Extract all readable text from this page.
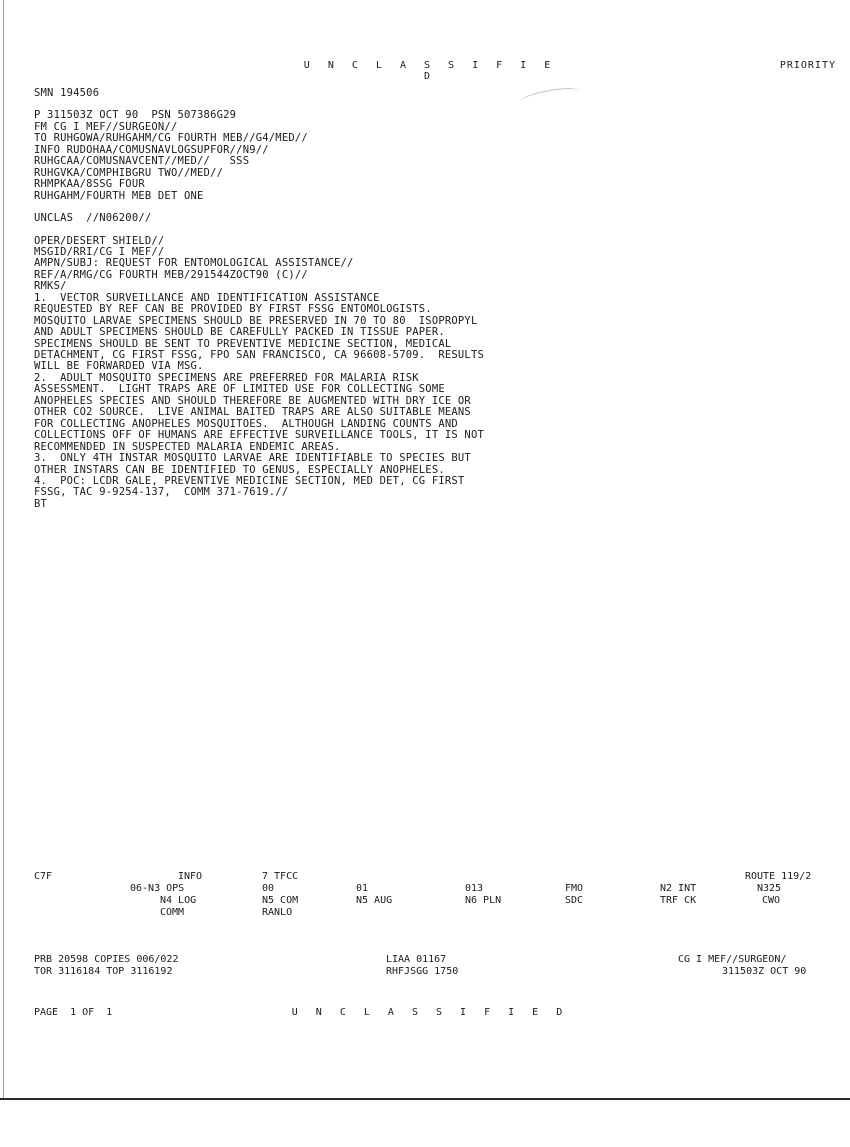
U N C L A S S I F I E D
PRIORITY
SMN 194506
P 311503Z OCT 90  PSN 507386G29
FM CG I MEF//SURGEON//
TO RUHGOWA/RUHGAHM/CG FOURTH MEB//G4/MED//
INFO RUDOHAA/COMUSNAVLOGSUPFOR//N9//
RUHGCAA/COMUSNAVCENT//MED//   SSS
RUHGVKA/COMPHIBGRU TWO//MED//
RHMPKAA/8SSG FOUR
RUHGAHM/FOURTH MEB DET ONE
UNCLAS  //N06200//
OPER/DESERT SHIELD//
MSGID/RRI/CG I MEF//
AMPN/SUBJ: REQUEST FOR ENTOMOLOGICAL ASSISTANCE//
REF/A/RMG/CG FOURTH MEB/291544ZOCT90 (C)//
RMKS/
1.  VECTOR SURVEILLANCE AND IDENTIFICATION ASSISTANCE
REQUESTED BY REF CAN BE PROVIDED BY FIRST FSSG ENTOMOLOGISTS.
MOSQUITO LARVAE SPECIMENS SHOULD BE PRESERVED IN 70 TO 80  ISOPROPYL
AND ADULT SPECIMENS SHOULD BE CAREFULLY PACKED IN TISSUE PAPER.
SPECIMENS SHOULD BE SENT TO PREVENTIVE MEDICINE SECTION, MEDICAL
DETACHMENT, CG FIRST FSSG, FPO SAN FRANCISCO, CA 96608-5709.  RESULTS
WILL BE FORWARDED VIA MSG.
2.  ADULT MOSQUITO SPECIMENS ARE PREFERRED FOR MALARIA RISK
ASSESSMENT.  LIGHT TRAPS ARE OF LIMITED USE FOR COLLECTING SOME
ANOPHELES SPECIES AND SHOULD THEREFORE BE AUGMENTED WITH DRY ICE OR
OTHER CO2 SOURCE.  LIVE ANIMAL BAITED TRAPS ARE ALSO SUITABLE MEANS
FOR COLLECTING ANOPHELES MOSQUITOES.  ALTHOUGH LANDING COUNTS AND
COLLECTIONS OFF OF HUMANS ARE EFFECTIVE SURVEILLANCE TOOLS, IT IS NOT
RECOMMENDED IN SUSPECTED MALARIA ENDEMIC AREAS.
3.  ONLY 4TH INSTAR MOSQUITO LARVAE ARE IDENTIFIABLE TO SPECIES BUT
OTHER INSTARS CAN BE IDENTIFIED TO GENUS, ESPECIALLY ANOPHELES.
4.  POC: LCDR GALE, PREVENTIVE MEDICINE SECTION, MED DET, CG FIRST
FSSG, TAC 9-9254-137,  COMM 371-7619.//
BT
C7F	INFO	7 TFCC	ROUTE 119/2
06-N3 OPS	00	01	013	FMO	N2 INT	N325
N4 LOG	N5 COM	N5 AUG	N6 PLN	SDC	TRF CK	CWO
COMM	RANLO
PRB 20598 COPIES 006/022	LIAA 01167	CG I MEF//SURGEON/
TOR 3116184 TOP 3116192	RHFJSGG 1750	311503Z OCT 90
PAGE  1 OF  1	U N C L A S S I F I E D
